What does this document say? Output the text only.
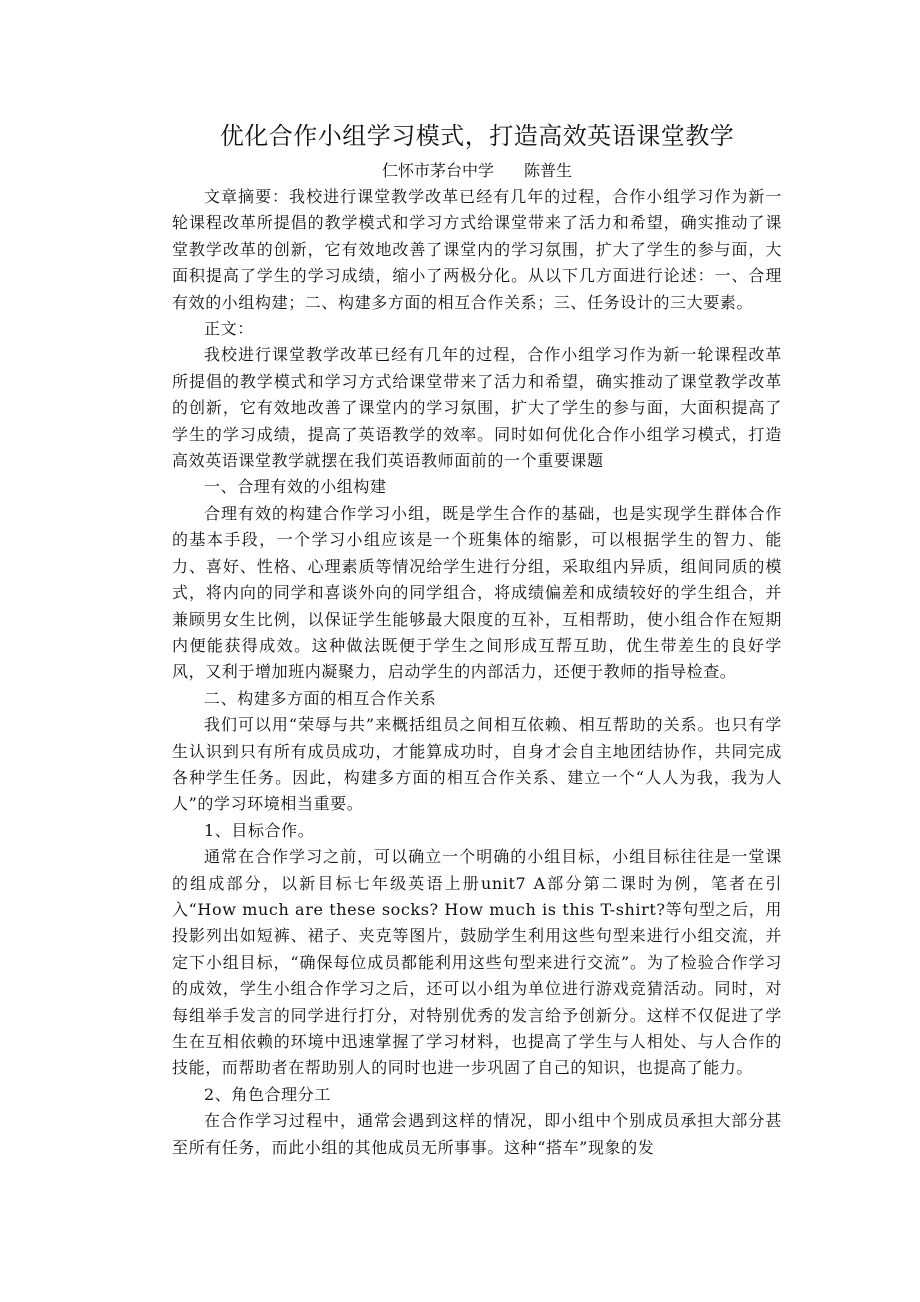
优化合作小组学习模式，打造高效英语课堂教学
仁怀市茅台中学 陈普生

文章摘要：我校进行课堂教学改革已经有几年的过程，合作小组学习作为新一轮课程改革所提倡的教学模式和学习方式给课堂带来了活力和希望，确实推动了课堂教学改革的创新，它有效地改善了课堂内的学习氛围，扩大了学生的参与面，大面积提高了学生的学习成绩，缩小了两极分化。从以下几方面进行论述：一、合理有效的小组构建；二、构建多方面的相互合作关系；三、任务设计的三大要素。

正文：

我校进行课堂教学改革已经有几年的过程，合作小组学习作为新一轮课程改革所提倡的教学模式和学习方式给课堂带来了活力和希望，确实推动了课堂教学改革的创新，它有效地改善了课堂内的学习氛围，扩大了学生的参与面，大面积提高了学生的学习成绩，提高了英语教学的效率。同时如何优化合作小组学习模式，打造高效英语课堂教学就摆在我们英语教师面前的一个重要课题

一、合理有效的小组构建

合理有效的构建合作学习小组，既是学生合作的基础，也是实现学生群体合作的基本手段，一个学习小组应该是一个班集体的缩影，可以根据学生的智力、能力、喜好、性格、心理素质等情况给学生进行分组，采取组内异质，组间同质的模式，将内向的同学和喜谈外向的同学组合，将成绩偏差和成绩较好的学生组合，并兼顾男女生比例，以保证学生能够最大限度的互补，互相帮助，使小组合作在短期内便能获得成效。这种做法既便于学生之间形成互帮互助，优生带差生的良好学风，又利于增加班内凝聚力，启动学生的内部活力，还便于教师的指导检查。

二、构建多方面的相互合作关系

我们可以用“荣辱与共”来概括组员之间相互依赖、相互帮助的关系。也只有学生认识到只有所有成员成功，才能算成功时，自身才会自主地团结协作，共同完成各种学生任务。因此，构建多方面的相互合作关系、建立一个“人人为我，我为人人”的学习环境相当重要。

1、目标合作。

通常在合作学习之前，可以确立一个明确的小组目标，小组目标往往是一堂课的组成部分，以新目标七年级英语上册unit7 A部分第二课时为例，笔者在引入“How much are these socks? How much is this T-shirt?等句型之后，用投影列出如短裤、裙子、夹克等图片，鼓励学生利用这些句型来进行小组交流，并定下小组目标，“确保每位成员都能利用这些句型来进行交流”。为了检验合作学习的成效，学生小组合作学习之后，还可以小组为单位进行游戏竞猜活动。同时，对每组举手发言的同学进行打分，对特别优秀的发言给予创新分。这样不仅促进了学生在互相依赖的环境中迅速掌握了学习材料，也提高了学生与人相处、与人合作的技能，而帮助者在帮助别人的同时也进一步巩固了自己的知识，也提高了能力。

2、角色合理分工

在合作学习过程中，通常会遇到这样的情况，即小组中个别成员承担大部分甚至所有任务，而此小组的其他成员无所事事。这种“搭车”现象的发
